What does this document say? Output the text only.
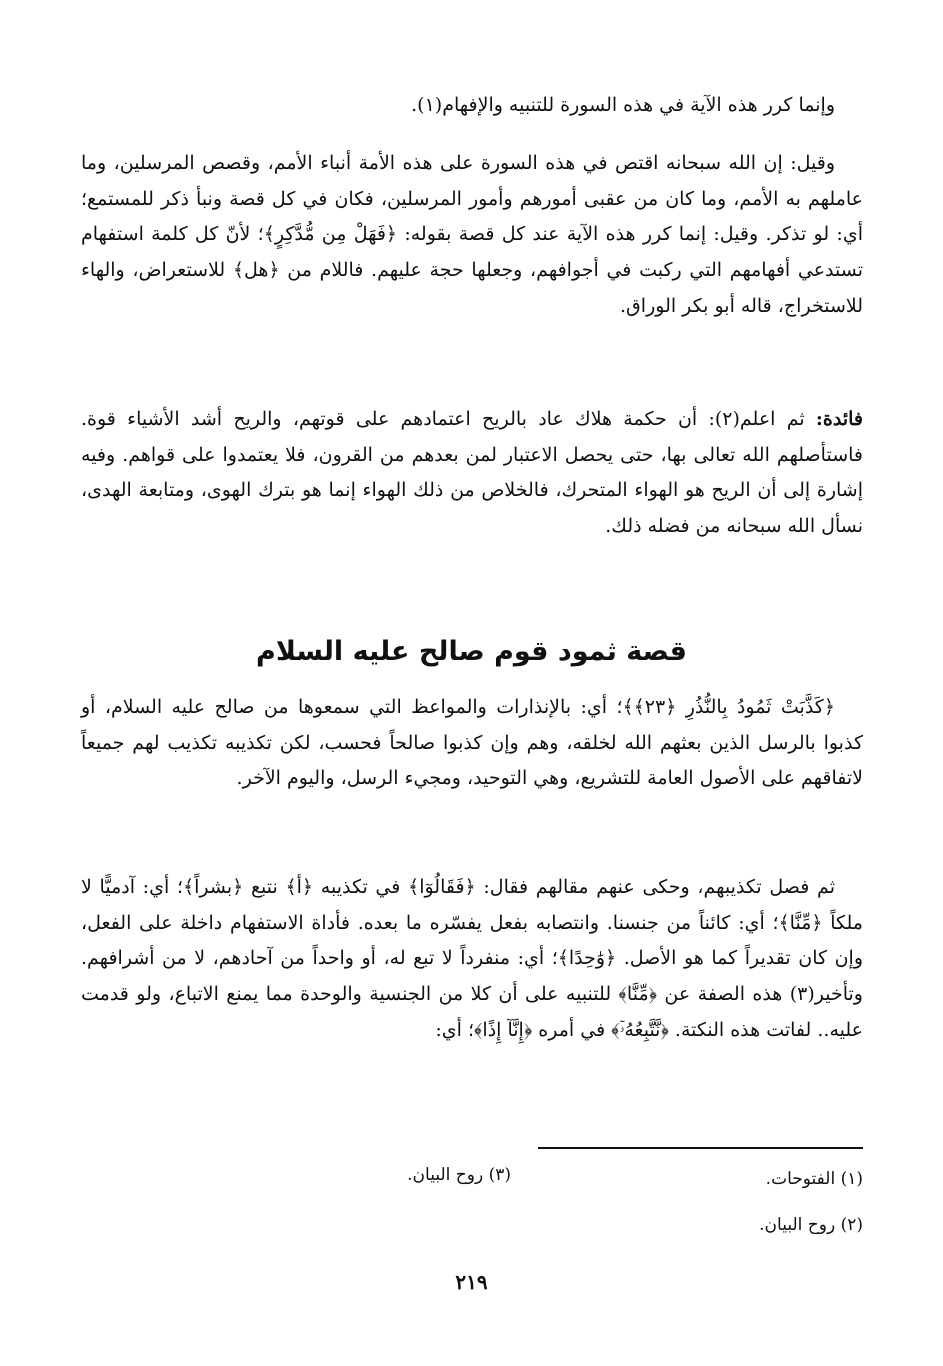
وإنما كرر هذه الآية في هذه السورة للتنبيه والإفهام(١).

وقيل: إن الله سبحانه اقتص في هذه السورة على هذه الأمة أنباء الأمم، وقصص المرسلين، وما عاملهم به الأمم، وما كان من عقبى أمورهم وأمور المرسلين، فكان في كل قصة ونبأ ذكر للمستمع؛ أي: لو تذكر. وقيل: إنما كرر هذه الآية عند كل قصة بقوله: ﴿فَهَلْ مِن مُّدَّكِرٍ﴾؛ لأنّ كل كلمة استفهام تستدعي أفهامهم التي ركبت في أجوافهم، وجعلها حجة عليهم. فاللام من ﴿هل﴾ للاستعراض، والهاء للاستخراج، قاله أبو بكر الوراق.

فائدة: ثم اعلم(٢): أن حكمة هلاك عاد بالريح اعتمادهم على قوتهم، والريح أشد الأشياء قوة. فاستأصلهم الله تعالى بها، حتى يحصل الاعتبار لمن بعدهم من القرون، فلا يعتمدوا على قواهم. وفيه إشارة إلى أن الريح هو الهواء المتحرك، فالخلاص من ذلك الهواء إنما هو بترك الهوى، ومتابعة الهدى، نسأل الله سبحانه من فضله ذلك.

قصة ثمود قوم صالح عليه السلام

﴿كَذَّبَتْ ثَمُودُ بِالنُّذُرِ ﴿٢٣﴾﴾؛ أي: بالإنذارات والمواعظ التي سمعوها من صالح عليه السلام، أو كذبوا بالرسل الذين بعثهم الله لخلقه، وهم وإن كذبوا صالحاً فحسب، لكن تكذيبه تكذيب لهم جميعاً لاتفاقهم على الأصول العامة للتشريع، وهي التوحيد، ومجيء الرسل، واليوم الآخر.

ثم فصل تكذيبهم، وحكى عنهم مقالهم فقال: ﴿فَقَالُوٓا﴾ في تكذيبه ﴿أ﴾ نتبع ﴿بشراً﴾؛ أي: آدميًّا لا ملكاً ﴿مِّنَّا﴾؛ أي: كائناً من جنسنا. وانتصابه بفعل يفسّره ما بعده. فأداة الاستفهام داخلة على الفعل، وإن كان تقديراً كما هو الأصل. ﴿وَٰحِدًا﴾؛ أي: منفرداً لا تبع له، أو واحداً من آحادهم، لا من أشرافهم. وتأخير(٣) هذه الصفة عن ﴿مِّنَّا﴾ للتنبيه على أن كلا من الجنسية والوحدة مما يمنع الاتباع، ولو قدمت عليه.. لفاتت هذه النكتة. ﴿نَّتَّبِعُهُۥٓ﴾ في أمره ﴿إِنَّآ إِذًا﴾؛ أي:

(١) الفتوحات.
(٣) روح البيان.
(٢) روح البيان.
٢١٩
